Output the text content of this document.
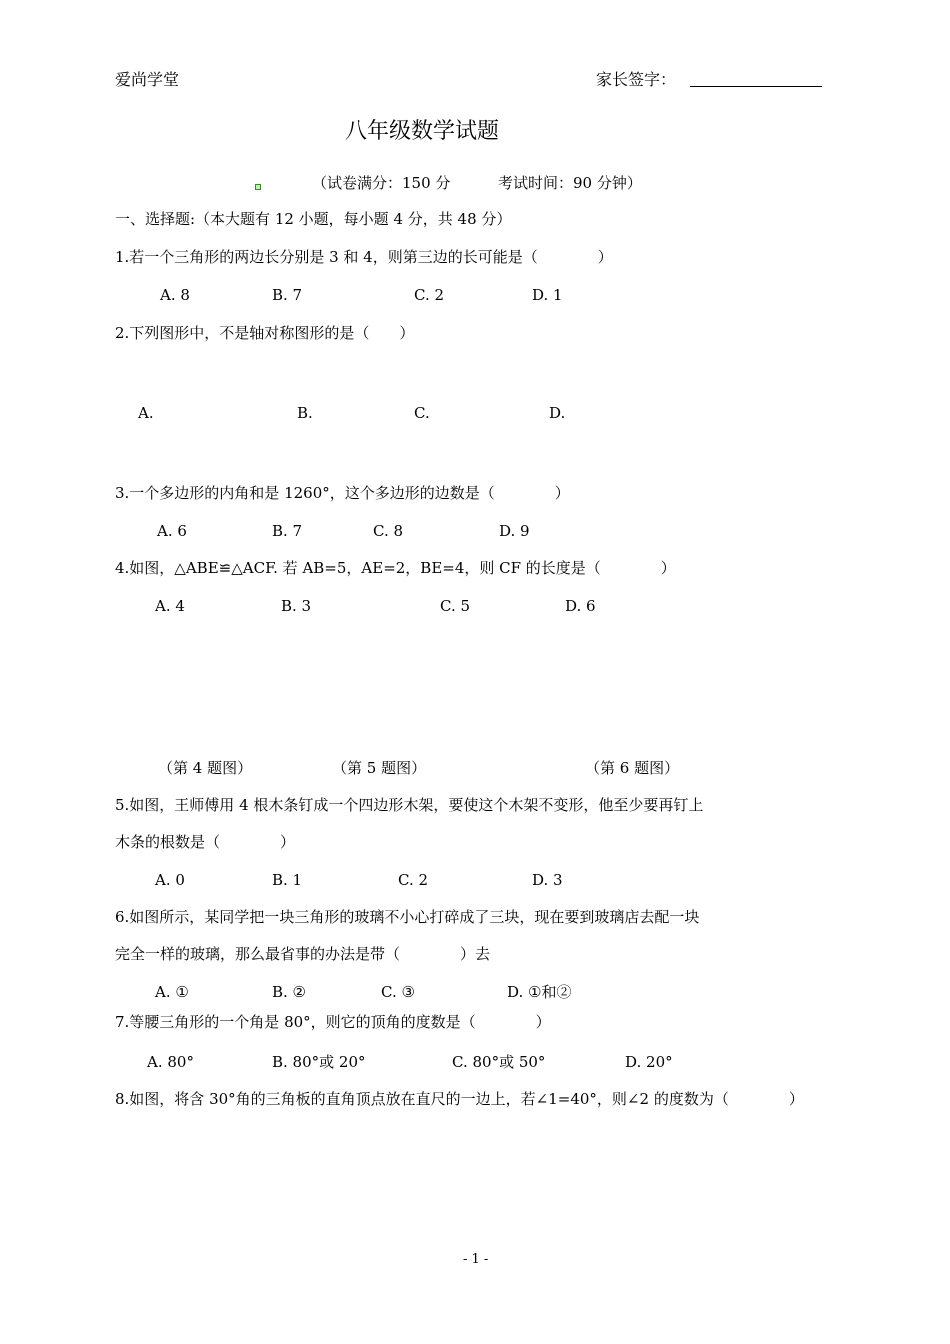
爱尚学堂	家长签字：
八年级数学试题
（试卷满分：150 分	考试时间：90 分钟）
一、选择题:（本大题有 12 小题，每小题 4 分，共 48 分）
1.若一个三角形的两边长分别是 3 和 4，则第三边的长可能是（　　　　）
A. 8	B. 7	C. 2	D. 1
2.下列图形中，不是轴对称图形的是（　　）
A.	B.	C.	D.
3.一个多边形的内角和是 1260°，这个多边形的边数是（　　　　）
A. 6	B. 7	C. 8	D. 9
4.如图，△ABE≌△ACF. 若 AB=5，AE=2，BE=4，则 CF 的长度是（　　　　）
A. 4	B. 3	C. 5	D. 6
（第 4 题图）	（第 5 题图）	（第 6 题图）
5.如图，王师傅用 4 根木条钉成一个四边形木架，要使这个木架不变形，他至少要再钉上
木条的根数是（　　　　）
A. 0	B. 1	C. 2	D. 3
6.如图所示，某同学把一块三角形的玻璃不小心打碎成了三块，现在要到玻璃店去配一块
完全一样的玻璃，那么最省事的办法是带（　　　　）去
A. ①	B. ②	C. ③	D. ①和②
7.等腰三角形的一个角是 80°，则它的顶角的度数是（　　　　）
A. 80°	B. 80°或 20°	C. 80°或 50°	D. 20°
8.如图，将含 30°角的三角板的直角顶点放在直尺的一边上，若∠1=40°，则∠2 的度数为（　　　　）
- 1 -
